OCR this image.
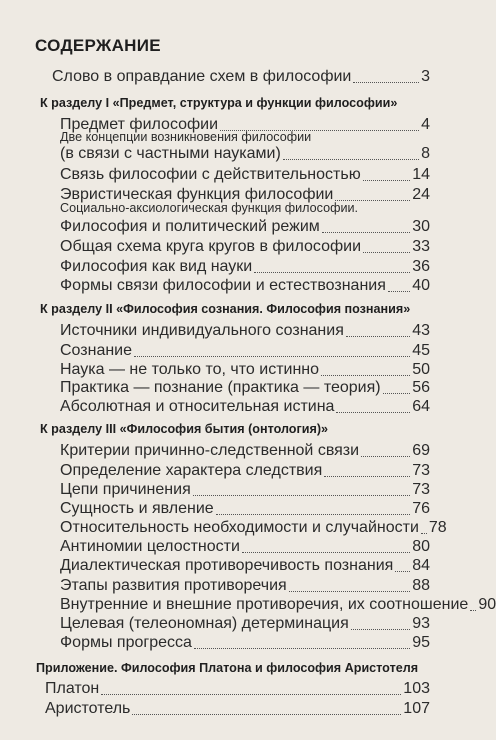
СОДЕРЖАНИЕ
Слово в оправдание схем в философии	3
К разделу I «Предмет, структура и функции философии»
Предмет философии	4
Две концепции возникновения философии
(в связи с частными науками)	8
Связь философии с действительностью	14
Эвристическая функция философии	24
Социально-аксиологическая функция философии.
Философия и политический режим	30
Общая схема круга кругов в философии	33
Философия как вид науки	36
Формы связи философии и естествознания 40
К разделу II «Философия сознания. Философия познания»
Источники индивидуального сознания	43
Сознание	45
Наука — не только то, что истинно	50
Практика — познание (практика — теория) 56
Абсолютная и относительная истина	64
К разделу III «Философия бытия (онтология)»
Критерии причинно-следственной связи	69
Определение характера следствия	73
Цепи причинения	73
Сущность и явление	76
Относительность необходимости и случайности 78
Антиномии целостности	80
Диалектическая противоречивость познания 84
Этапы развития противоречия	88
Внутренние и внешние противоречия, их соотношение 90
Целевая (телеономная) детерминация	93
Формы прогресса	95
Приложение. Философия Платона и философия Аристотеля
Платон	103
Аристотель	107
